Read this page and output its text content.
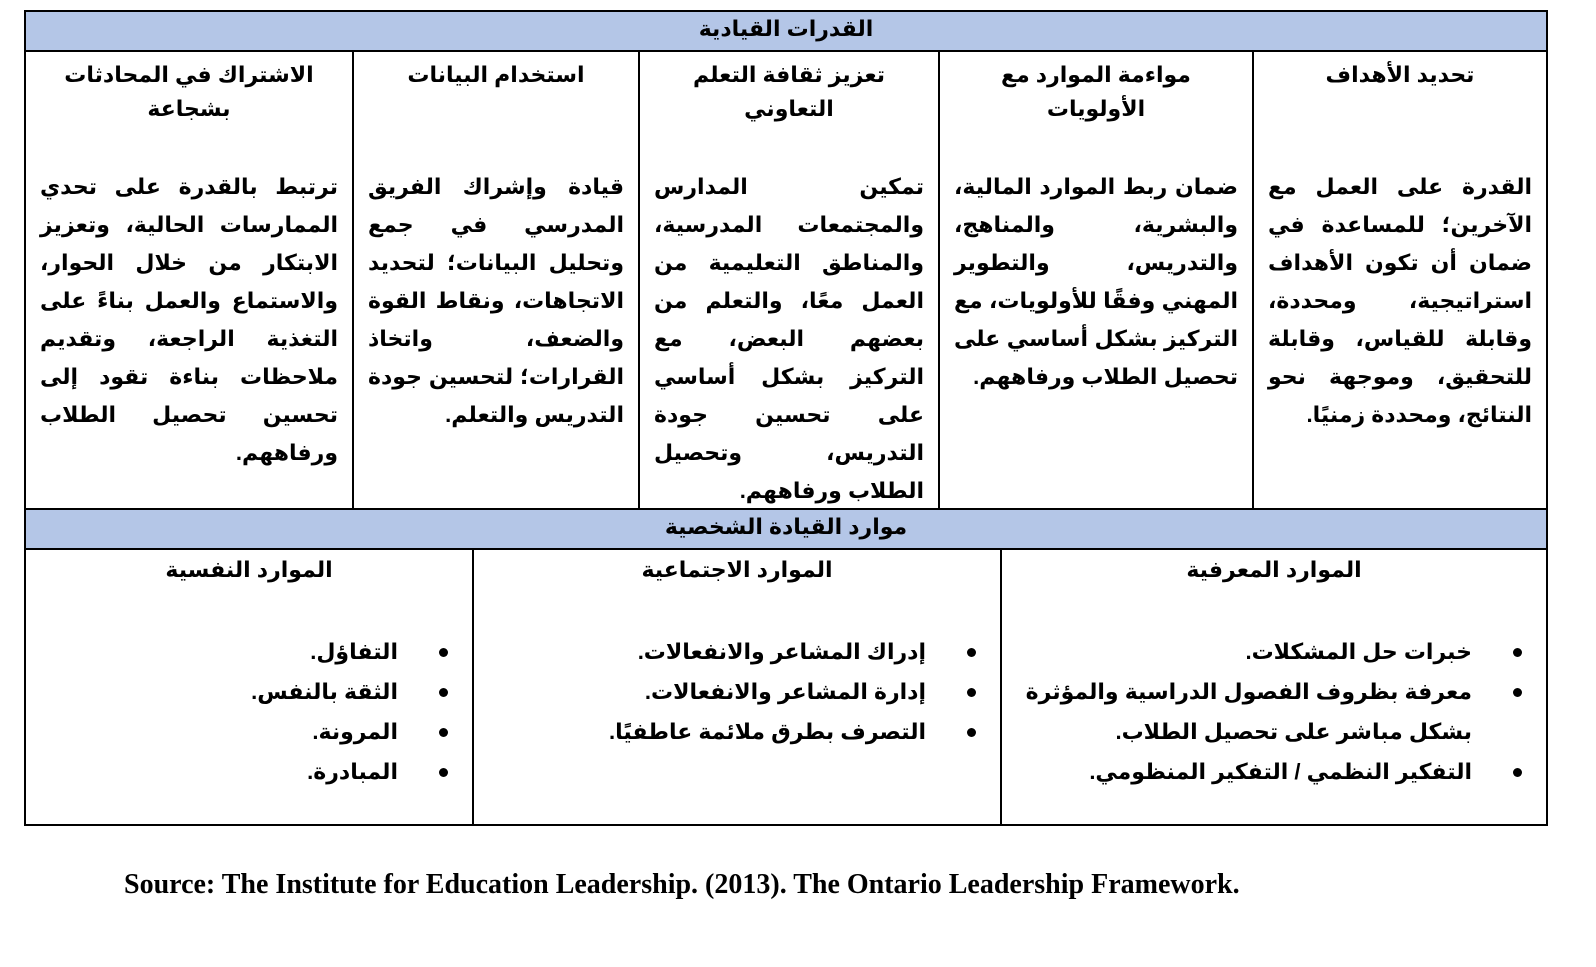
القدرات القيادية
تحديد الأهداف
القدرة على العمل مع الآخرين؛ للمساعدة في ضمان أن تكون الأهداف استراتيجية، ومحددة، وقابلة للقياس، وقابلة للتحقيق، وموجهة نحو النتائج، ومحددة زمنيًا.
مواءمة الموارد مع الأولويات
ضمان ربط الموارد المالية، والبشرية، والمناهج، والتدريس، والتطوير المهني وفقًا للأولويات، مع التركيز بشكل أساسي على تحصيل الطلاب ورفاههم.
تعزيز ثقافة التعلم التعاوني
تمكين المدارس والمجتمعات المدرسية، والمناطق التعليمية من العمل معًا، والتعلم من بعضهم البعض، مع التركيز بشكل أساسي على تحسين جودة التدريس، وتحصيل الطلاب ورفاههم.
استخدام البيانات
قيادة وإشراك الفريق المدرسي في جمع وتحليل البيانات؛ لتحديد الاتجاهات، ونقاط القوة والضعف، واتخاذ القرارات؛ لتحسين جودة التدريس والتعلم.
الاشتراك في المحادثات بشجاعة
ترتبط بالقدرة على تحدي الممارسات الحالية، وتعزيز الابتكار من خلال الحوار، والاستماع والعمل بناءً على التغذية الراجعة، وتقديم ملاحظات بناءة تقود إلى تحسين تحصيل الطلاب ورفاههم.
موارد القيادة الشخصية
الموارد المعرفية
خبرات حل المشكلات.
معرفة بظروف الفصول الدراسية والمؤثرة بشكل مباشر على تحصيل الطلاب.
التفكير النظمي / التفكير المنظومي.
الموارد الاجتماعية
إدراك المشاعر والانفعالات.
إدارة المشاعر والانفعالات.
التصرف بطرق ملائمة عاطفيًا.
الموارد النفسية
التفاؤل.
الثقة بالنفس.
المرونة.
المبادرة.
Source: The Institute for Education Leadership. (2013). The Ontario Leadership Framework.
